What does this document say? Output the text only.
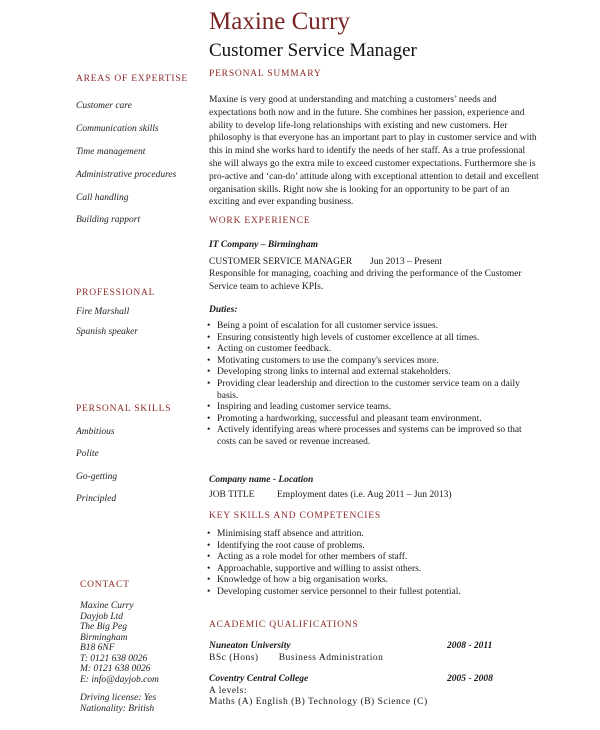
Maxine Curry
Customer Service Manager
AREAS OF EXPERTISE
Customer care
Communication skills
Time management
Administrative procedures
Call handling
Building rapport
PROFESSIONAL
Fire Marshall
Spanish speaker
PERSONAL SKILLS
Ambitious
Polite
Go-getting
Principled
CONTACT
Maxine Curry
Dayjob Ltd
The Big Peg
Birmingham
B18 6NF
T: 0121 638 0026
M: 0121 638 0026
E: info@dayjob.com
Driving license: Yes
Nationality: British
PERSONAL SUMMARY
Maxine is very good at understanding and matching a customers’ needs and expectations both now and in the future. She combines her passion, experience and ability to develop life-long relationships with existing and new customers. Her philosophy is that everyone has an important part to play in customer service and with this in mind she works hard to identify the needs of her staff. As a true professional she will always go the extra mile to exceed customer expectations. Furthermore she is pro-active and ‘can-do’ attitude along with exceptional attention to detail and excellent organisation skills. Right now she is looking for an opportunity to be part of an exciting and ever expanding business.
WORK EXPERIENCE
IT Company – Birmingham
CUSTOMER SERVICE MANAGER Jun 2013 – Present
Responsible for managing, coaching and driving the performance of the Customer Service team to achieve KPIs.
Duties:
• Being a point of escalation for all customer service issues.
• Ensuring consistently high levels of customer excellence at all times.
• Acting on customer feedback.
• Motivating customers to use the company's services more.
• Developing strong links to internal and external stakeholders.
• Providing clear leadership and direction to the customer service team on a daily basis.
• Inspiring and leading customer service teams.
• Promoting a hardworking, successful and pleasant team environment.
• Actively identifying areas where processes and systems can be improved so that costs can be saved or revenue increased.
Company name - Location
JOB TITLE Employment dates (i.e. Aug 2011 – Jun 2013)
KEY SKILLS AND COMPETENCIES
• Minimising staff absence and attrition.
• Identifying the root cause of problems.
• Acting as a role model for other members of staff.
• Approachable, supportive and willing to assist others.
• Knowledge of how a big organisation works.
• Developing customer service personnel to their fullest potential.
ACADEMIC QUALIFICATIONS
Nuneaton University	2008 - 2011
BSc (Hons)       Business Administration
Coventry Central College	2005 - 2008
A levels:
Maths (A) English (B) Technology (B) Science (C)
